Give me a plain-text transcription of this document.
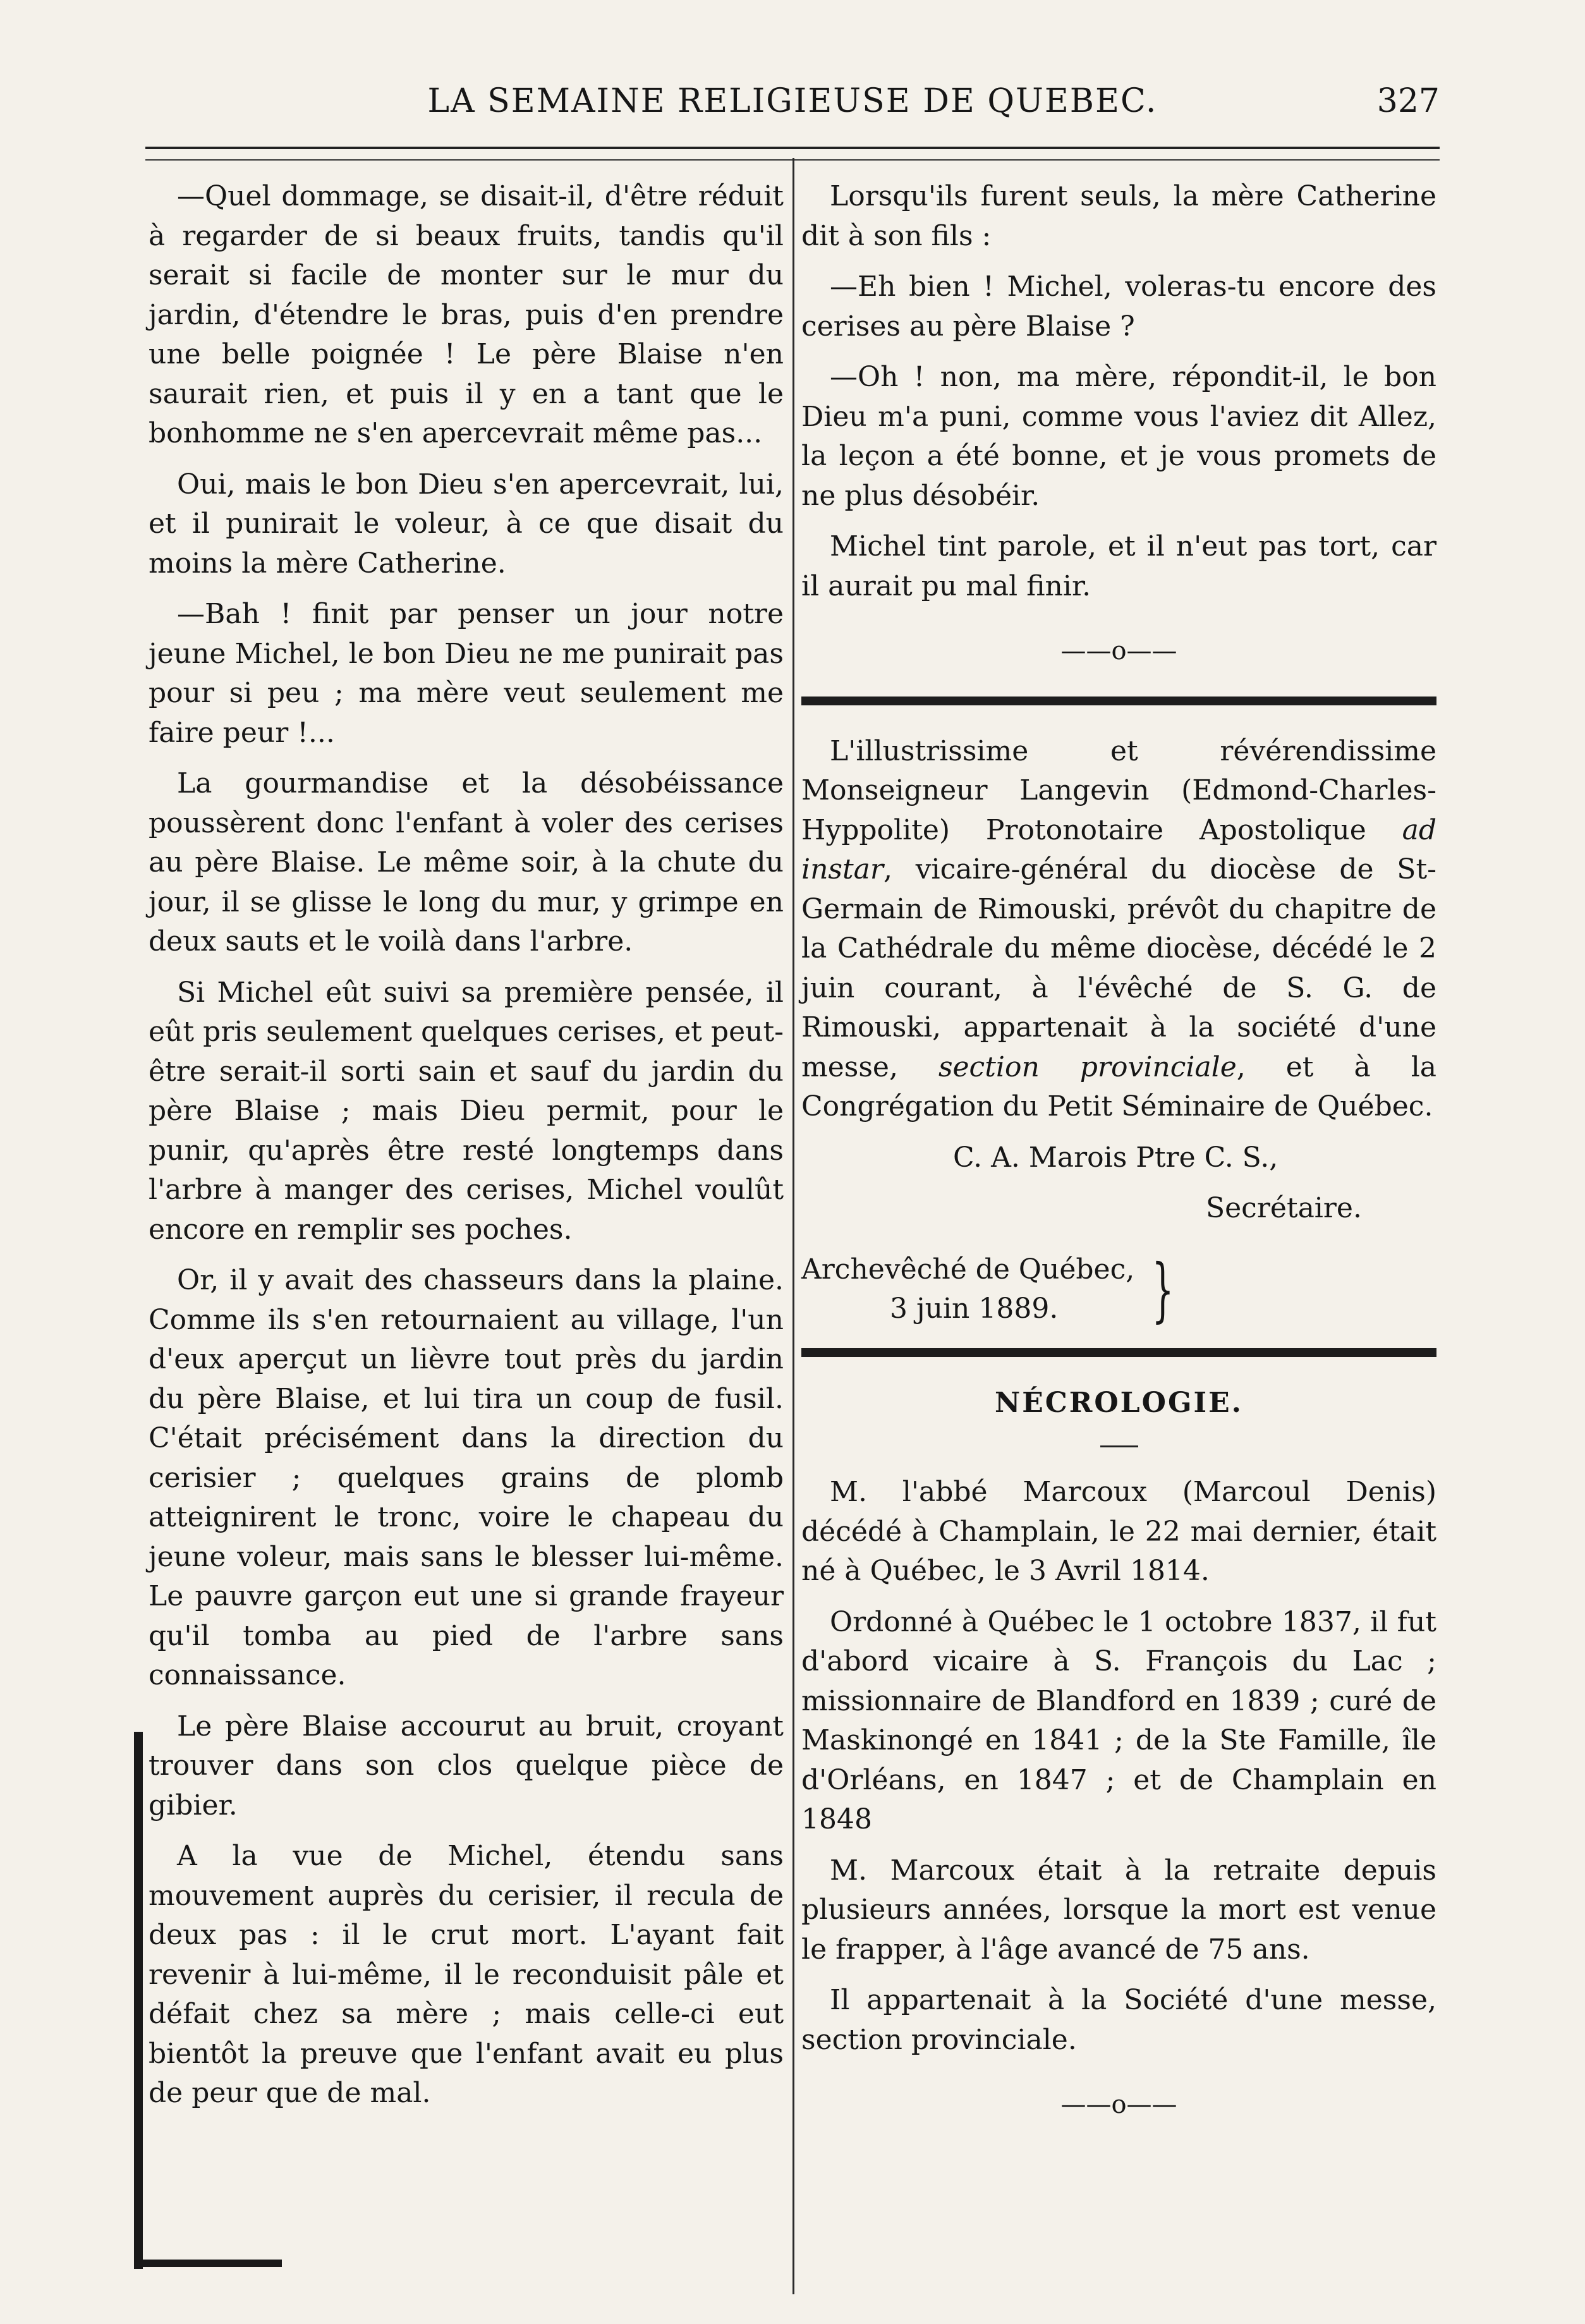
LA SEMAINE RELIGIEUSE DE QUEBEC.	327

—Quel dommage, se disait-il, d'être réduit à regarder de si beaux fruits, tandis qu'il serait si facile de monter sur le mur du jardin, d'étendre le bras, puis d'en prendre une belle poignée ! Le père Blaise n'en saurait rien, et puis il y en a tant que le bonhomme ne s'en apercevrait même pas...

Oui, mais le bon Dieu s'en apercevrait, lui, et il punirait le voleur, à ce que disait du moins la mère Catherine.

—Bah ! finit par penser un jour notre jeune Michel, le bon Dieu ne me punirait pas pour si peu ; ma mère veut seulement me faire peur !...

La gourmandise et la désobéissance poussèrent donc l'enfant à voler des cerises au père Blaise. Le même soir, à la chute du jour, il se glisse le long du mur, y grimpe en deux sauts et le voilà dans l'arbre.

Si Michel eût suivi sa première pensée, il eût pris seulement quelques cerises, et peut-être serait-il sorti sain et sauf du jardin du père Blaise ; mais Dieu permit, pour le punir, qu'après être resté longtemps dans l'arbre à manger des cerises, Michel voulût encore en remplir ses poches.

Or, il y avait des chasseurs dans la plaine. Comme ils s'en retournaient au village, l'un d'eux aperçut un lièvre tout près du jardin du père Blaise, et lui tira un coup de fusil. C'était précisément dans la direction du cerisier ; quelques grains de plomb atteignirent le tronc, voire le chapeau du jeune voleur, mais sans le blesser lui-même. Le pauvre garçon eut une si grande frayeur qu'il tomba au pied de l'arbre sans connaissance.

Le père Blaise accourut au bruit, croyant trouver dans son clos quelque pièce de gibier.

A la vue de Michel, étendu sans mouvement auprès du cerisier, il recula de deux pas : il le crut mort. L'ayant fait revenir à lui-même, il le reconduisit pâle et défait chez sa mère ; mais celle-ci eut bientôt la preuve que l'enfant avait eu plus de peur que de mal.

Lorsqu'ils furent seuls, la mère Catherine dit à son fils :

—Eh bien ! Michel, voleras-tu encore des cerises au père Blaise ?

—Oh ! non, ma mère, répondit-il, le bon Dieu m'a puni, comme vous l'aviez dit Allez, la leçon a été bonne, et je vous promets de ne plus désobéir.

Michel tint parole, et il n'eut pas tort, car il aurait pu mal finir.

——o——

L'illustrissime et révérendissime Monseigneur Langevin (Edmond-Charles-Hyppolite) Protonotaire Apostolique ad instar, vicaire-général du diocèse de St-Germain de Rimouski, prévôt du chapitre de la Cathédrale du même diocèse, décédé le 2 juin courant, à l'évêché de S. G. de Rimouski, appartenait à la société d'une messe, section provinciale, et à la Congrégation du Petit Séminaire de Québec.

C. A. Marois Ptre C. S.,

Secrétaire.

Archevêché de Québec,
3 juin 1889.	}
NÉCROLOGIE.

M. l'abbé Marcoux (Marcoul Denis) décédé à Champlain, le 22 mai dernier, était né à Québec, le 3 Avril 1814.

Ordonné à Québec le 1 octobre 1837, il fut d'abord vicaire à S. François du Lac ; missionnaire de Blandford en 1839 ; curé de Maskinongé en 1841 ; de la Ste Famille, île d'Orléans, en 1847 ; et de Champlain en 1848

M. Marcoux était à la retraite depuis plusieurs années, lorsque la mort est venue le frapper, à l'âge avancé de 75 ans.

Il appartenait à la Société d'une messe, section provinciale.

——o——
